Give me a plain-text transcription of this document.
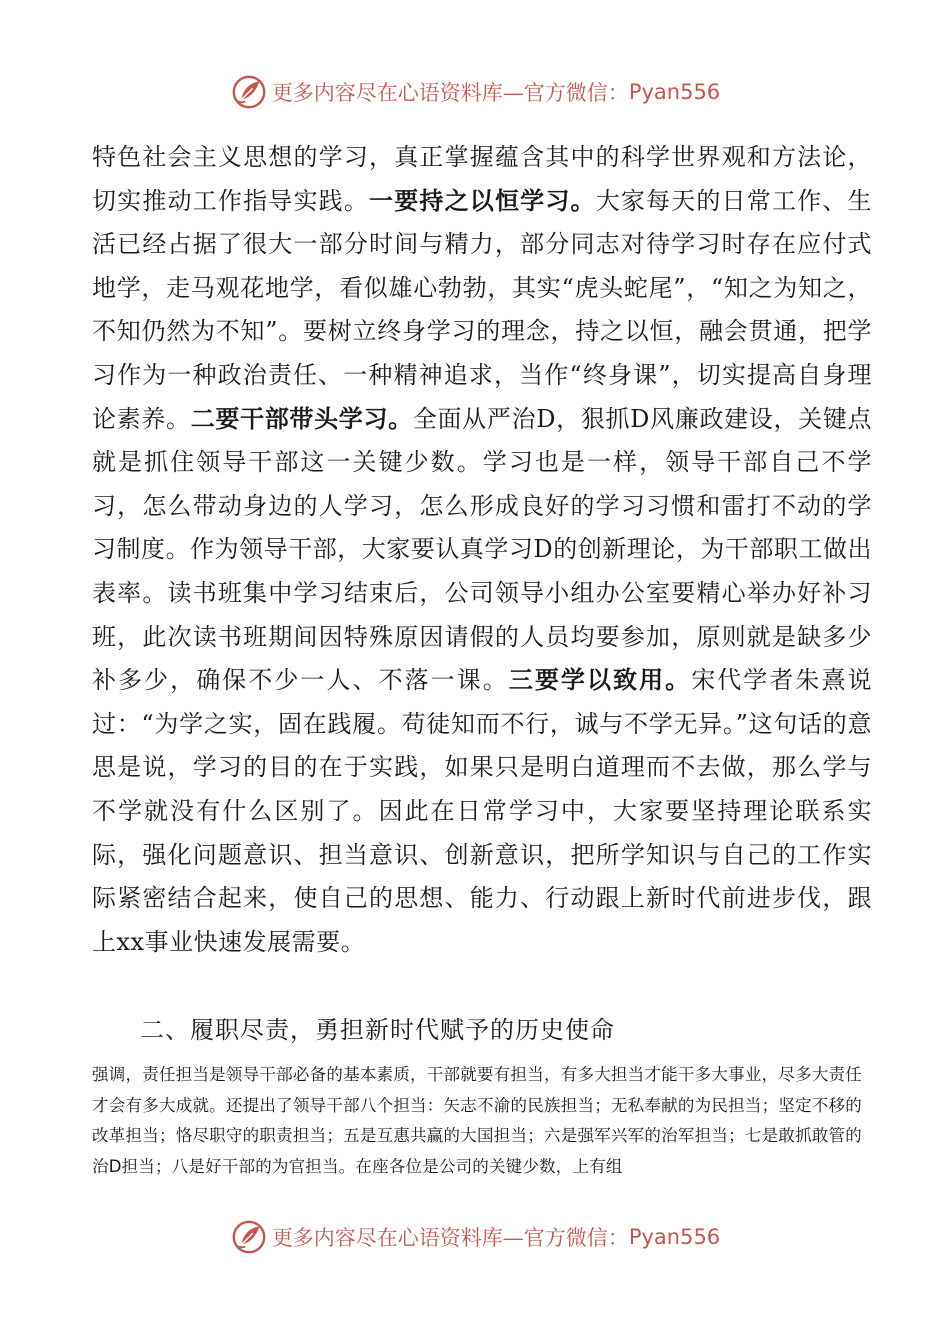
更多内容尽在心语资料库—官方微信： Pyan556
特色社会主义思想的学习，真正掌握蕴含其中的科学世界观和方法论，切实推动工作指导实践。一要持之以恒学习。大家每天的日常工作、生活已经占据了很大一部分时间与精力，部分同志对待学习时存在应付式地学，走马观花地学，看似雄心勃勃，其实“虎头蛇尾”，“知之为知之，不知仍然为不知”。要树立终身学习的理念，持之以恒，融会贯通，把学习作为一种政治责任、一种精神追求，当作“终身课”，切实提高自身理论素养。二要干部带头学习。全面从严治D，狠抓D风廉政建设，关键点就是抓住领导干部这一关键少数。学习也是一样，领导干部自己不学习，怎么带动身边的人学习，怎么形成良好的学习习惯和雷打不动的学习制度。作为领导干部，大家要认真学习D的创新理论，为干部职工做出表率。读书班集中学习结束后，公司领导小组办公室要精心举办好补习班，此次读书班期间因特殊原因请假的人员均要参加，原则就是缺多少补多少，确保不少一人、不落一课。三要学以致用。宋代学者朱熹说过：“为学之实，固在践履。苟徒知而不行，诚与不学无异。”这句话的意思是说，学习的目的在于实践，如果只是明白道理而不去做，那么学与不学就没有什么区别了。因此在日常学习中，大家要坚持理论联系实际，强化问题意识、担当意识、创新意识，把所学知识与自己的工作实际紧密结合起来，使自己的思想、能力、行动跟上新时代前进步伐，跟上xx事业快速发展需要。
二、履职尽责，勇担新时代赋予的历史使命
强调，责任担当是领导干部必备的基本素质，干部就要有担当，有多大担当才能干多大事业，尽多大责任才会有多大成就。还提出了领导干部八个担当：矢志不渝的民族担当；无私奉献的为民担当；坚定不移的改革担当；恪尽职守的职责担当；五是互惠共赢的大国担当；六是强军兴军的治军担当；七是敢抓敢管的治D担当；八是好干部的为官担当。在座各位是公司的关键少数，上有组
更多内容尽在心语资料库—官方微信： Pyan556
